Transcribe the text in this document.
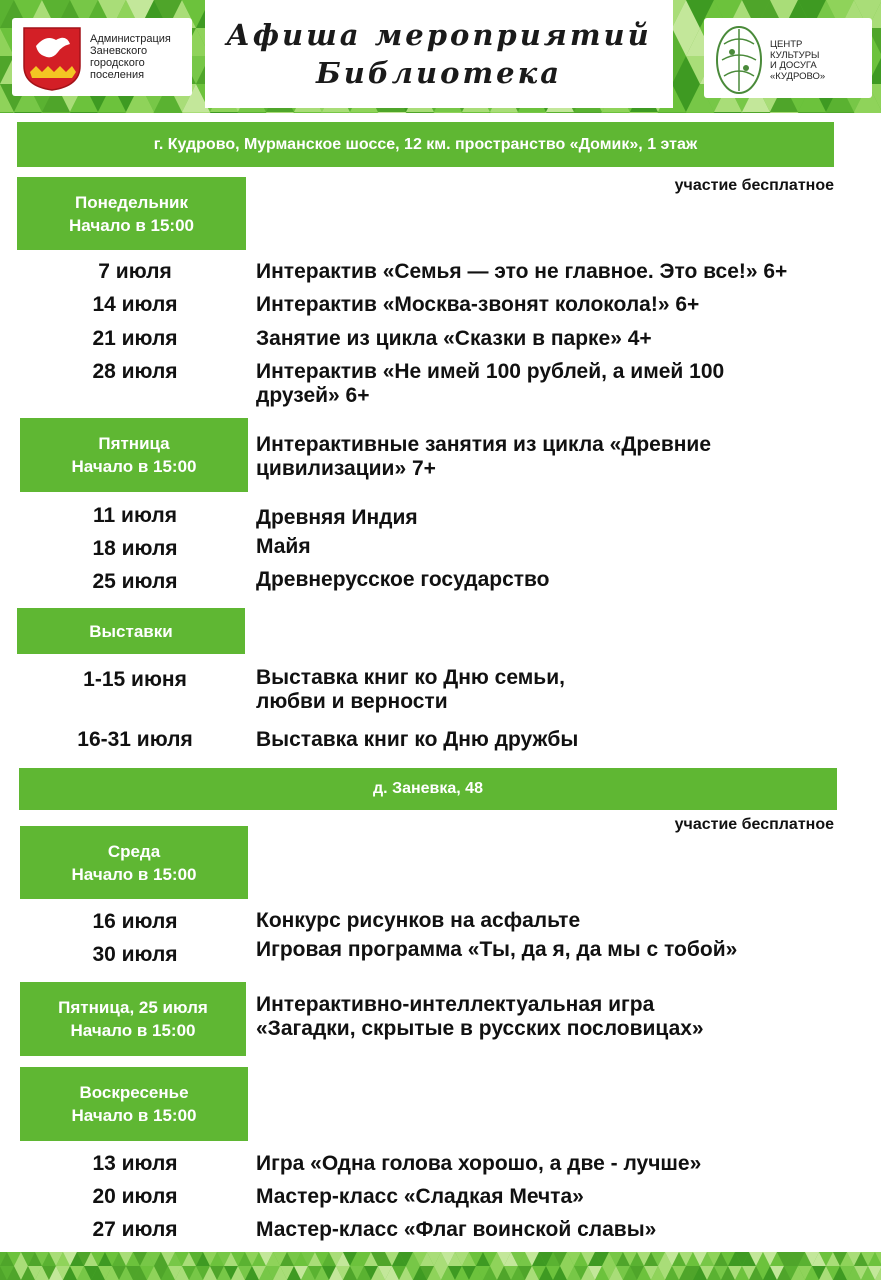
Афиша мероприятий
Библиотека
Администрация
Заневского
городского
поселения
ЦЕНТР
КУЛЬТУРЫ
И ДОСУГА
«КУДРОВО»
г. Кудрово, Мурманское шоссе, 12 км. пространство «Домик», 1 этаж
участие бесплатное
Понедельник
Начало в 15:00
7 июля	Интерактив «Семья — это не главное. Это все!» 6+
14 июля	Интерактив «Москва-звонят колокола!» 6+
21 июля	Занятие из цикла «Сказки в парке» 4+
28 июля	Интерактив «Не имей 100 рублей, а имей 100
друзей» 6+
Пятница
Начало в 15:00
Интерактивные занятия из цикла «Древние
цивилизации» 7+
11 июля	Древняя Индия
18 июля	Майя
25 июля	Древнерусское государство
Выставки
1-15 июня	Выставка книг ко Дню семьи,
любви и верности
16-31 июля	Выставка книг ко Дню дружбы
д. Заневка, 48
участие бесплатное
Среда
Начало в 15:00
16 июля	Конкурс рисунков на асфальте
30 июля	Игровая программа «Ты, да я, да мы с тобой»
Пятница, 25 июля
Начало в 15:00
Интерактивно-интеллектуальная игра
«Загадки, скрытые в русских пословицах»
Воскресенье
Начало в 15:00
13 июля	Игра «Одна голова хорошо, а две - лучше»
20 июля	Мастер-класс «Сладкая Мечта»
27 июля	Мастер-класс «Флаг воинской славы»
